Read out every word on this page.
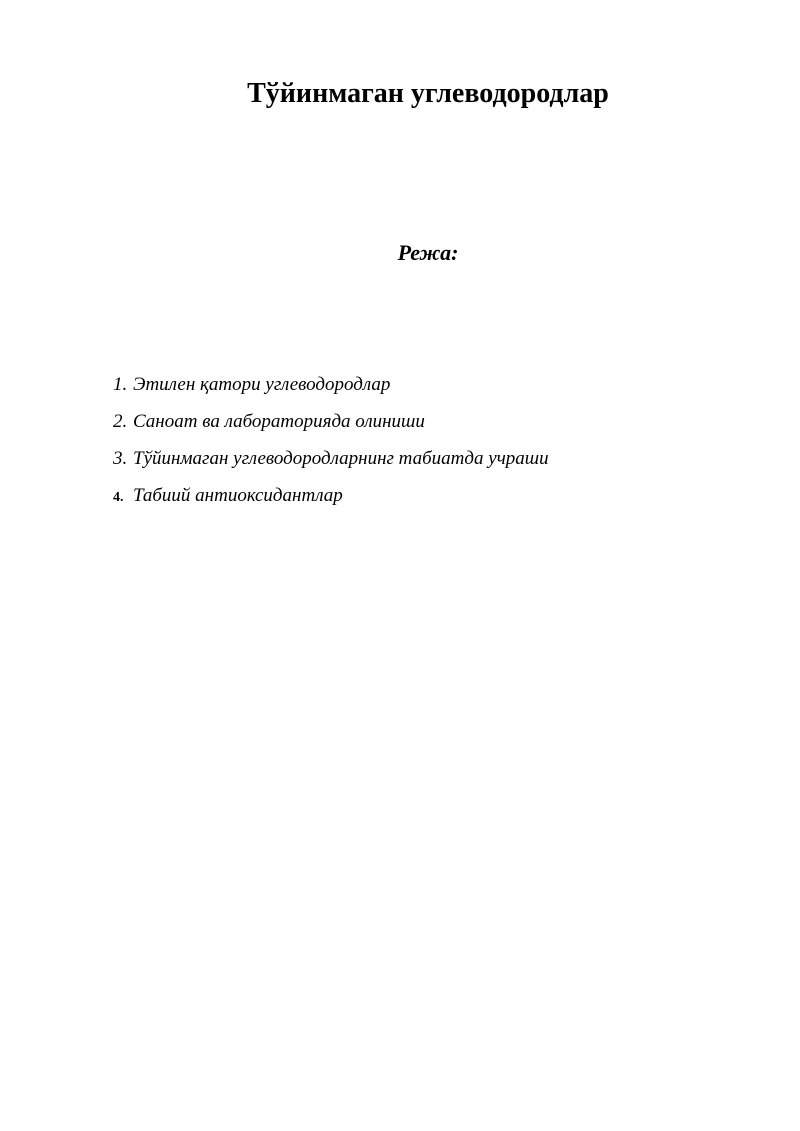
Тўйинмаган углеводородлар
Режа:
1. Этилен қатори углеводородлар
2. Саноат ва лабораторияда олиниши
3. Тўйинмаган углеводородларнинг табиатда учраши
4. Табиий антиоксидантлар
